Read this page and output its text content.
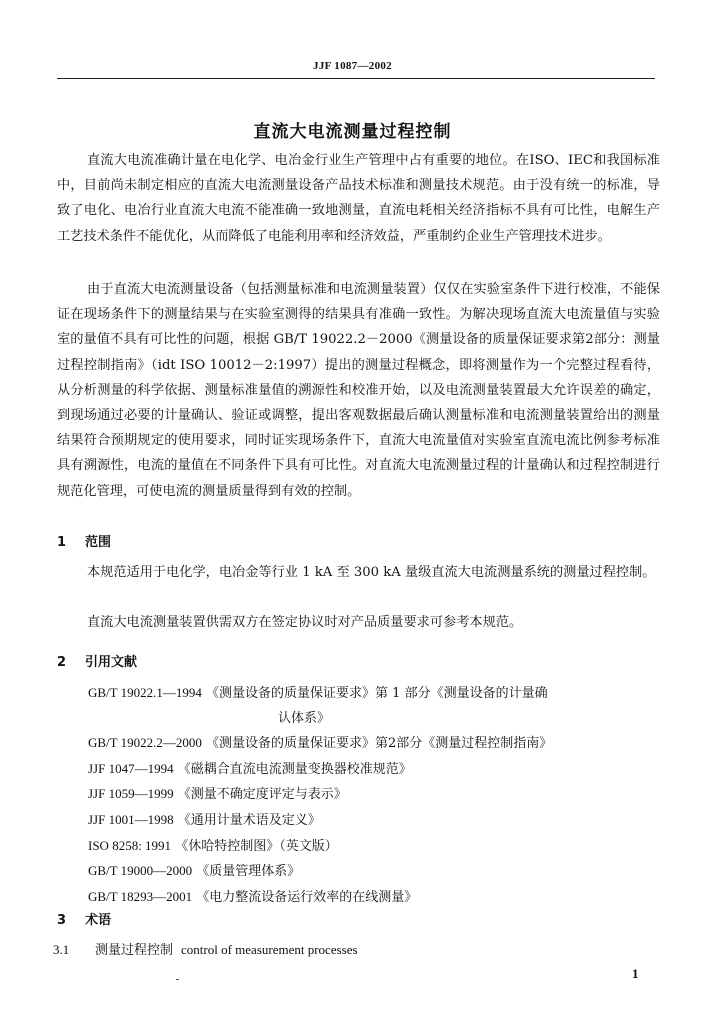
JJF 1087—2002
直流大电流测量过程控制

直流大电流准确计量在电化学、电冶金行业生产管理中占有重要的地位。在ISO、IEC和我国标准中，目前尚未制定相应的直流大电流测量设备产品技术标准和测量技术规范。由于没有统一的标准，导致了电化、电冶行业直流大电流不能准确一致地测量，直流电耗相关经济指标不具有可比性，电解生产工艺技术条件不能优化，从而降低了电能利用率和经济效益，严重制约企业生产管理技术进步。

由于直流大电流测量设备（包括测量标准和电流测量装置）仅仅在实验室条件下进行校准，不能保证在现场条件下的测量结果与在实验室测得的结果具有准确一致性。为解决现场直流大电流量值与实验室的量值不具有可比性的问题，根据 GB/T 19022.2－2000《测量设备的质量保证要求第2部分：测量过程控制指南》（idt ISO 10012－2:1997）提出的测量过程概念，即将测量作为一个完整过程看待，从分析测量的科学依据、测量标准量值的溯源性和校准开始，以及电流测量装置最大允许误差的确定，到现场通过必要的计量确认、验证或调整，提出客观数据最后确认测量标准和电流测量装置给出的测量结果符合预期规定的使用要求，同时证实现场条件下，直流大电流量值对实验室直流电流比例参考标准具有溯源性，电流的量值在不同条件下具有可比性。对直流大电流测量过程的计量确认和过程控制进行规范化管理，可使电流的测量质量得到有效的控制。

1 范围

本规范适用于电化学，电冶金等行业 1 kA 至 300 kA 量级直流大电流测量系统的测量过程控制。

直流大电流测量装置供需双方在签定协议时对产品质量要求可参考本规范。

2 引用文献
GB/T 19022.1—1994 《测量设备的质量保证要求》第 1 部分《测量设备的计量确
认体系》
GB/T 19022.2—2000 《测量设备的质量保证要求》第2部分《测量过程控制指南》
JJF 1047—1994 《磁耦合直流电流测量变换器校准规范》
JJF 1059—1999 《测量不确定度评定与表示》
JJF 1001—1998 《通用计量术语及定义》
ISO 8258: 1991 《休哈特控制图》（英文版）
GB/T 19000—2000 《质量管理体系》
GB/T 18293—2001 《电力整流设备运行效率的在线测量》
3 术语
3.1 测量过程控制 control of measurement processes
1
